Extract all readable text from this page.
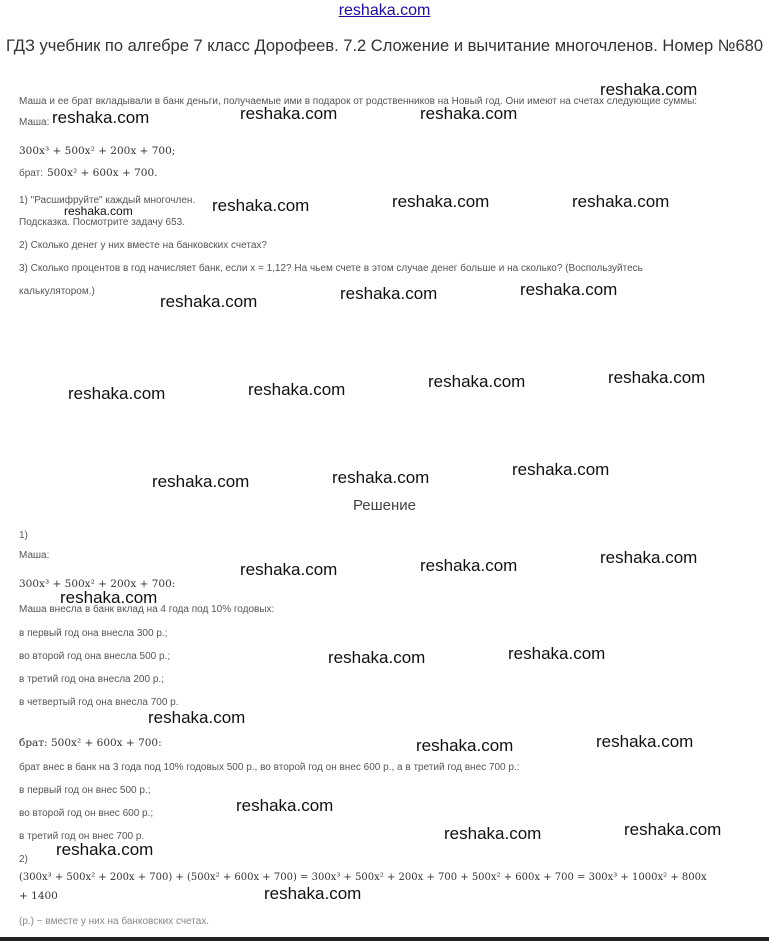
reshaka.com
ГДЗ учебник по алгебре 7 класс Дорофеев. 7.2 Сложение и вычитание многочленов. Номер №680
Маша и ее брат вкладывали в банк деньги, получаемые ими в подарок от родственников на Новый год. Они имеют на счетах следующие суммы:
Маша:
300x³ + 500x² + 200x + 700;
брат: 500x² + 600x + 700.
1) "Расшифруйте" каждый многочлен.
Подсказка. Посмотрите задачу 653.
2) Сколько денег у них вместе на банковских счетах?
3) Сколько процентов в год начисляет банк, если x = 1,12? На чьем счете в этом случае денег больше и на сколько? (Воспользуйтесь
калькулятором.)
Решение
1)
Маша:
300x³ + 500x² + 200x + 700:
Маша внесла в банк вклад на 4 года под 10% годовых:
в первый год она внесла 300 р.;
во второй год она внесла 500 р.;
в третий год она внесла 200 р.;
в четвертый год она внесла 700 р.
брат: 500x² + 600x + 700:
брат внес в банк на 3 года под 10% годовых 500 р., во второй год он внес 600 р., а в третий год внес 700 р.:
в первый год он внес 500 р.;
во второй год он внес 600 р.;
в третий год он внес 700 р.
2)
(300x³ + 500x² + 200x + 700) + (500x² + 600x + 700) = 300x³ + 500x² + 200x + 700 + 500x² + 600x + 700 = 300x³ + 1000x² + 800x
+ 1400
(р.) − вместе у них на банковских счетах.
reshaka.com
reshaka.com	reshaka.com	reshaka.com
reshaka.com	reshaka.com	reshaka.com
reshaka.com
reshaka.com	reshaka.com	reshaka.com
reshaka.com	reshaka.com	reshaka.com	reshaka.com
reshaka.com	reshaka.com	reshaka.com
reshaka.com
reshaka.com	reshaka.com
reshaka.com
reshaka.com	reshaka.com
reshaka.com
reshaka.com	reshaka.com
reshaka.com
reshaka.com	reshaka.com
reshaka.com
reshaka.com
